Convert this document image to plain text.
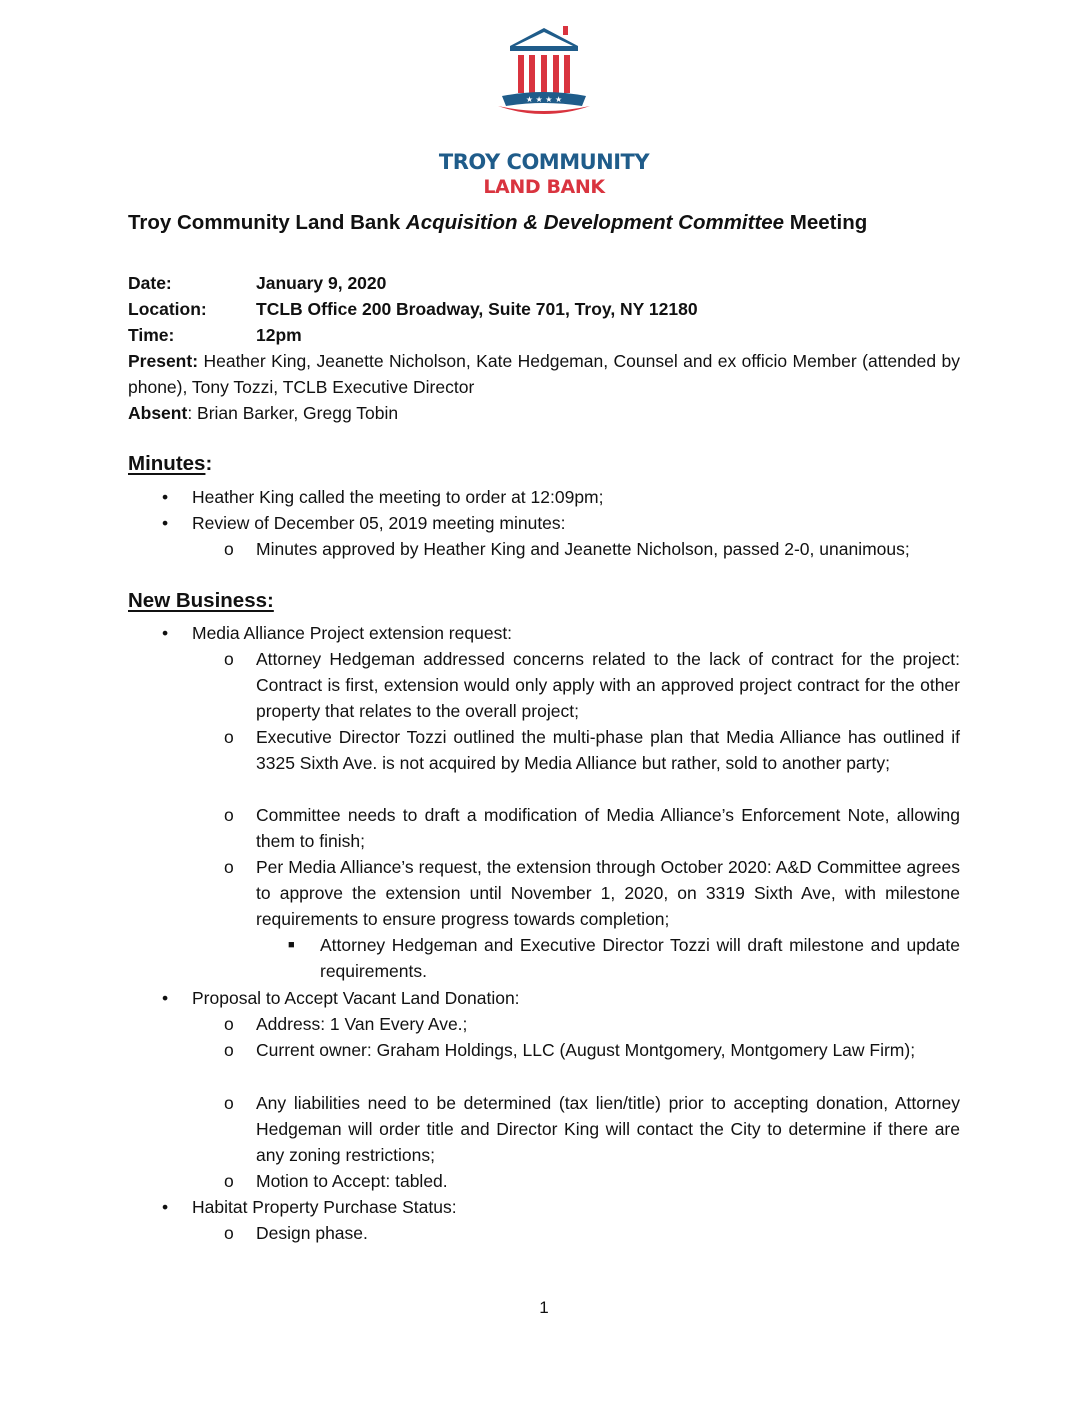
★ ★ ★ ★
TROY COMMUNITY
LAND BANK
Troy Community Land Bank Acquisition & Development Committee Meeting
Date:	January 9, 2020
Location:	TCLB Office 200 Broadway, Suite 701, Troy, NY 12180
Time:	12pm
Present: Heather King, Jeanette Nicholson, Kate Hedgeman, Counsel and ex officio Member (attended by phone), Tony Tozzi, TCLB Executive Director
Absent: Brian Barker, Gregg Tobin
Minutes:
• Heather King called the meeting to order at 12:09pm;
• Review of December 05, 2019 meeting minutes:
o Minutes approved by Heather King and Jeanette Nicholson, passed 2-0, unanimous;
New Business:
• Media Alliance Project extension request:
o Attorney Hedgeman addressed concerns related to the lack of contract for the project: Contract is first, extension would only apply with an approved project contract for the other property that relates to the overall project;
o Executive Director Tozzi outlined the multi-phase plan that Media Alliance has outlined if 3325 Sixth Ave. is not acquired by Media Alliance but rather, sold to another party;
o Committee needs to draft a modification of Media Alliance’s Enforcement Note, allowing them to finish;
o Per Media Alliance’s request, the extension through October 2020: A&D Committee agrees to approve the extension until November 1, 2020, on 3319 Sixth Ave, with milestone requirements to ensure progress towards completion;
■ Attorney Hedgeman and Executive Director Tozzi will draft milestone and update requirements.
• Proposal to Accept Vacant Land Donation:
o Address: 1 Van Every Ave.;
o Current owner: Graham Holdings, LLC (August Montgomery, Montgomery Law Firm);
o Any liabilities need to be determined (tax lien/title) prior to accepting donation, Attorney Hedgeman will order title and Director King will contact the City to determine if there are any zoning restrictions;
o Motion to Accept: tabled.
• Habitat Property Purchase Status:
o Design phase.
1
